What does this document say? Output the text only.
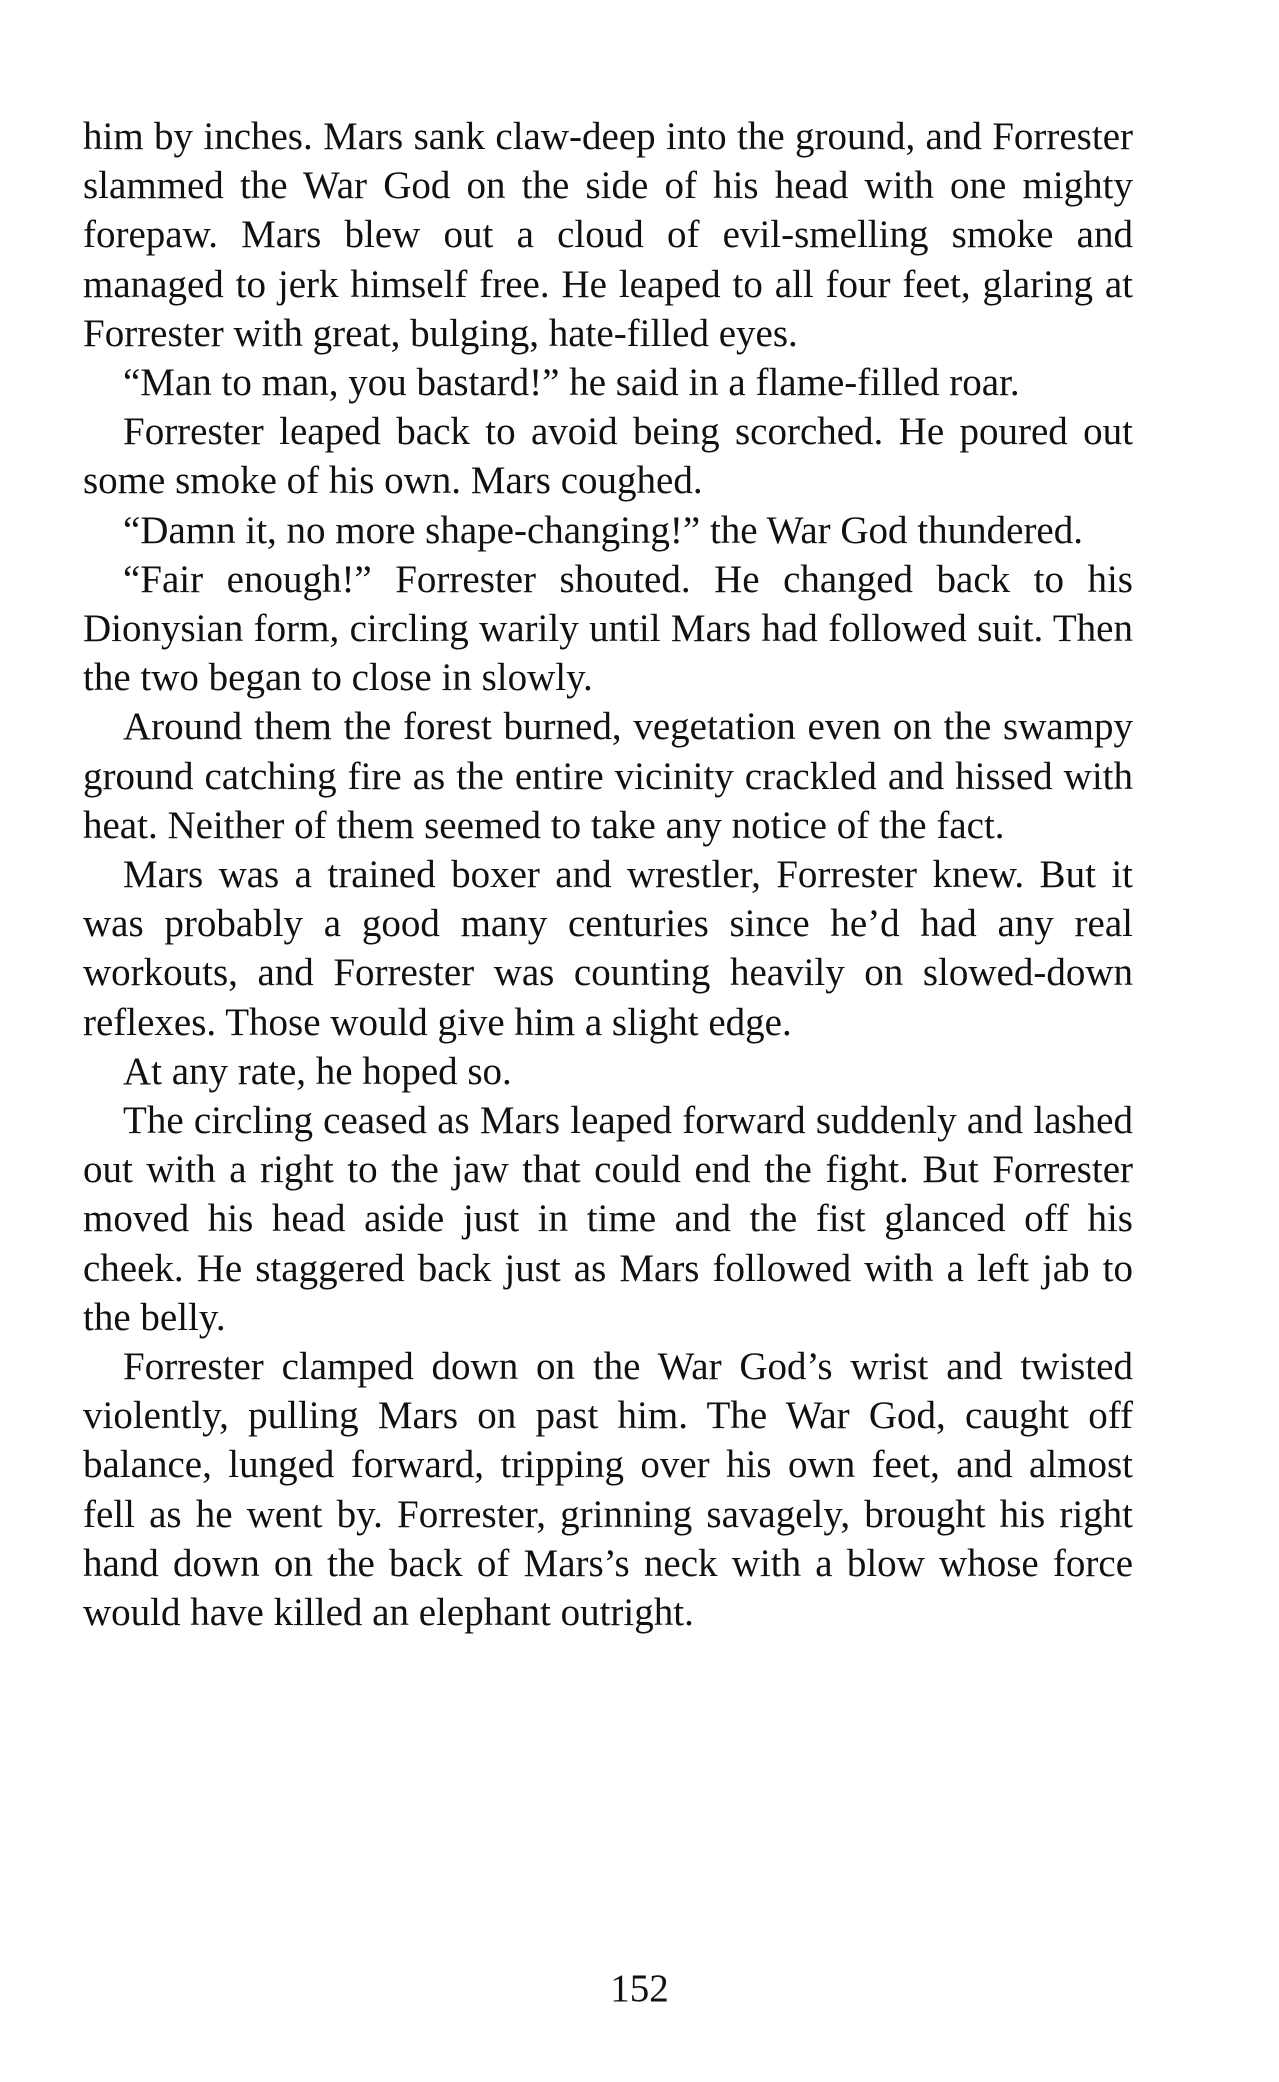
him by inches. Mars sank claw-deep into the ground, and Forrester slammed the War God on the side of his head with one mighty forepaw. Mars blew out a cloud of evil-smelling smoke and managed to jerk himself free. He leaped to all four feet, glaring at Forrester with great, bulging, hate-filled eyes.

“Man to man, you bastard!” he said in a flame-filled roar.

Forrester leaped back to avoid being scorched. He poured out some smoke of his own. Mars coughed.

“Damn it, no more shape-changing!” the War God thundered.

“Fair enough!” Forrester shouted. He changed back to his Dionysian form, circling warily until Mars had followed suit. Then the two began to close in slowly.

Around them the forest burned, vegetation even on the swampy ground catching fire as the entire vicinity crackled and hissed with heat. Neither of them seemed to take any notice of the fact.

Mars was a trained boxer and wrestler, Forrester knew. But it was probably a good many centuries since he’d had any real workouts, and Forrester was counting heavily on slowed-down reflexes. Those would give him a slight edge.

At any rate, he hoped so.

The circling ceased as Mars leaped forward suddenly and lashed out with a right to the jaw that could end the fight. But Forrester moved his head aside just in time and the fist glanced off his cheek. He staggered back just as Mars followed with a left jab to the belly.

Forrester clamped down on the War God’s wrist and twisted violently, pulling Mars on past him. The War God, caught off balance, lunged forward, tripping over his own feet, and almost fell as he went by. Forrester, grinning savagely, brought his right hand down on the back of Mars’s neck with a blow whose force would have killed an elephant outright.

152
